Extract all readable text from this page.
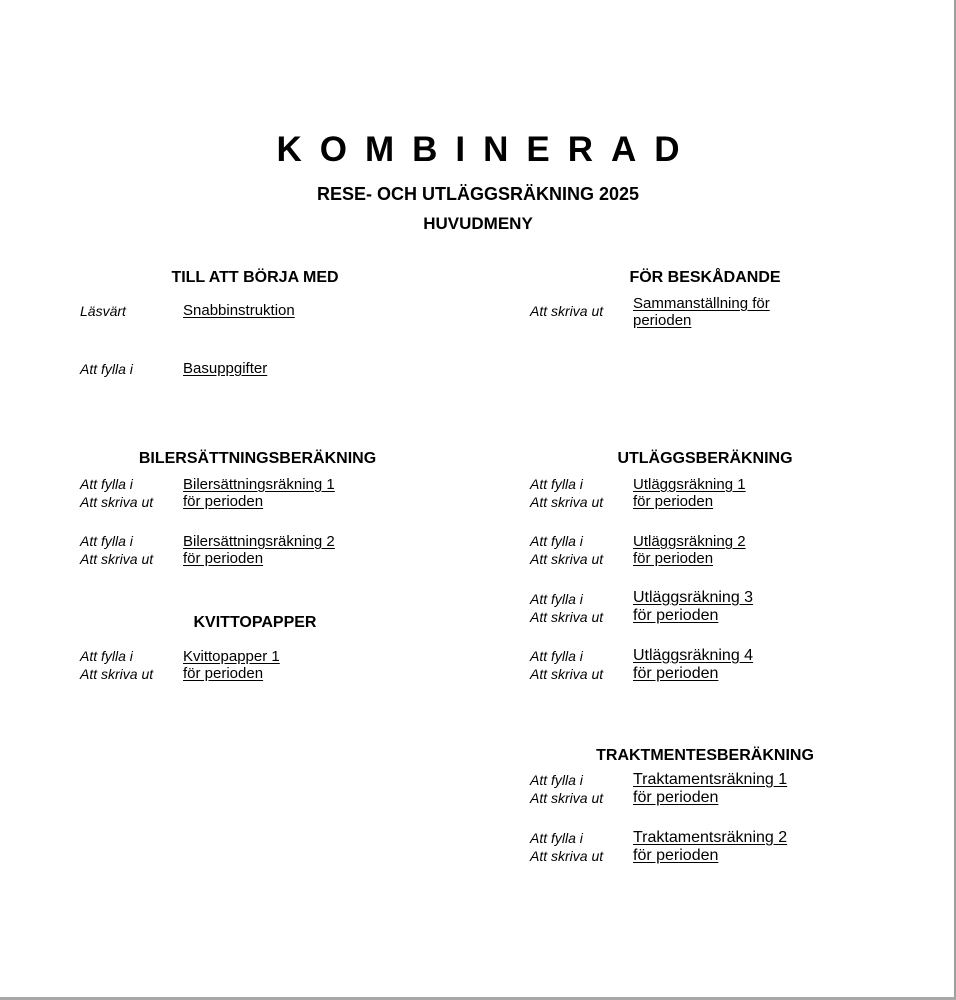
KOMBINERAD
RESE- OCH UTLÄGGSRÄKNING 2025
HUVUDMENY
TILL ATT BÖRJA MED
Läsvärt	Snabbinstruktion
Att fylla i	Basuppgifter
FÖR BESKÅDANDE
Att skriva ut Sammanställning för
perioden
BILERSÄTTNINGSBERÄKNING
Att fylla i
Att skriva ut
Bilersättningsräkning 1
för perioden
Att fylla i
Att skriva ut
Bilersättningsräkning 2
för perioden
KVITTOPAPPER
Att fylla i
Att skriva ut
Kvittopapper 1
för perioden
UTLÄGGSBERÄKNING
Att fylla i
Att skriva ut
Utläggsräkning 1
för perioden
Att fylla i
Att skriva ut
Utläggsräkning 2
för perioden
Att fylla i
Att skriva ut
Utläggsräkning 3
för perioden
Att fylla i
Att skriva ut
Utläggsräkning 4
för perioden
TRAKTMENTESBERÄKNING
Att fylla i
Att skriva ut
Traktamentsräkning 1
för perioden
Att fylla i
Att skriva ut
Traktamentsräkning 2
för perioden
